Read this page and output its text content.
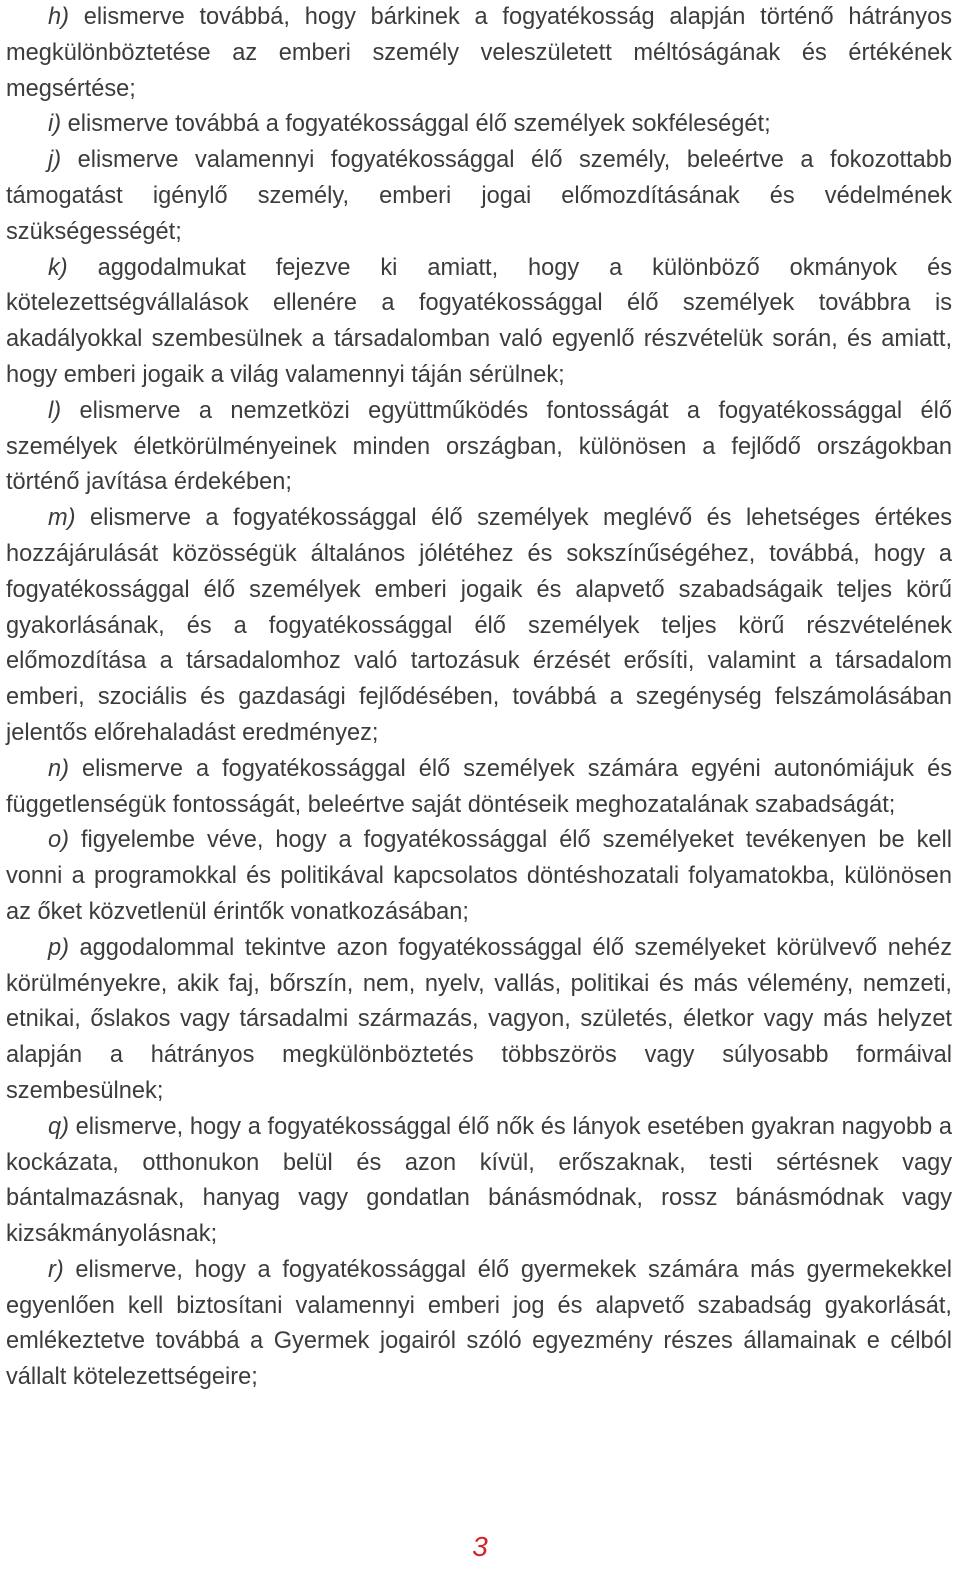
h) elismerve továbbá, hogy bárkinek a fogyatékosság alapján történő hátrányos megkülönböztetése az emberi személy veleszületett méltóságának és értékének megsértése;

i) elismerve továbbá a fogyatékossággal élő személyek sokféleségét;

j) elismerve valamennyi fogyatékossággal élő személy, beleértve a fokozottabb támogatást igénylő személy, emberi jogai előmozdításának és védelmének szükségességét;

k) aggodalmukat fejezve ki amiatt, hogy a különböző okmányok és kötelezettségvállalások ellenére a fogyatékossággal élő személyek továbbra is akadályokkal szembesülnek a társadalomban való egyenlő részvételük során, és amiatt, hogy emberi jogaik a világ valamennyi táján sérülnek;

l) elismerve a nemzetközi együttműködés fontosságát a fogyatékossággal élő személyek életkörülményeinek minden országban, különösen a fejlődő országokban történő javítása érdekében;

m) elismerve a fogyatékossággal élő személyek meglévő és lehetséges értékes hozzájárulását közösségük általános jólétéhez és sokszínűségéhez, továbbá, hogy a fogyatékossággal élő személyek emberi jogaik és alapvető szabadságaik teljes körű gyakorlásának, és a fogyatékossággal élő személyek teljes körű részvételének előmozdítása a társadalomhoz való tartozásuk érzését erősíti, valamint a társadalom emberi, szociális és gazdasági fejlődésében, továbbá a szegénység felszámolásában jelentős előrehaladást eredményez;

n) elismerve a fogyatékossággal élő személyek számára egyéni autonómiájuk és függetlenségük fontosságát, beleértve saját döntéseik meghozatalának szabadságát;

o) figyelembe véve, hogy a fogyatékossággal élő személyeket tevékenyen be kell vonni a programokkal és politikával kapcsolatos döntéshozatali folyamatokba, különösen az őket közvetlenül érintők vonatkozásában;

p) aggodalommal tekintve azon fogyatékossággal élő személyeket körülvevő nehéz körülményekre, akik faj, bőrszín, nem, nyelv, vallás, politikai és más vélemény, nemzeti, etnikai, őslakos vagy társadalmi származás, vagyon, születés, életkor vagy más helyzet alapján a hátrányos megkülönböztetés többszörös vagy súlyosabb formáival szembesülnek;

q) elismerve, hogy a fogyatékossággal élő nők és lányok esetében gyakran nagyobb a kockázata, otthonukon belül és azon kívül, erőszaknak, testi sértésnek vagy bántalmazásnak, hanyag vagy gondatlan bánásmódnak, rossz bánásmódnak vagy kizsákmányolásnak;

r) elismerve, hogy a fogyatékossággal élő gyermekek számára más gyermekekkel egyenlően kell biztosítani valamennyi emberi jog és alapvető szabadság gyakorlását, emlékeztetve továbbá a Gyermek jogairól szóló egyezmény részes államainak e célból vállalt kötelezettségeire;

3
